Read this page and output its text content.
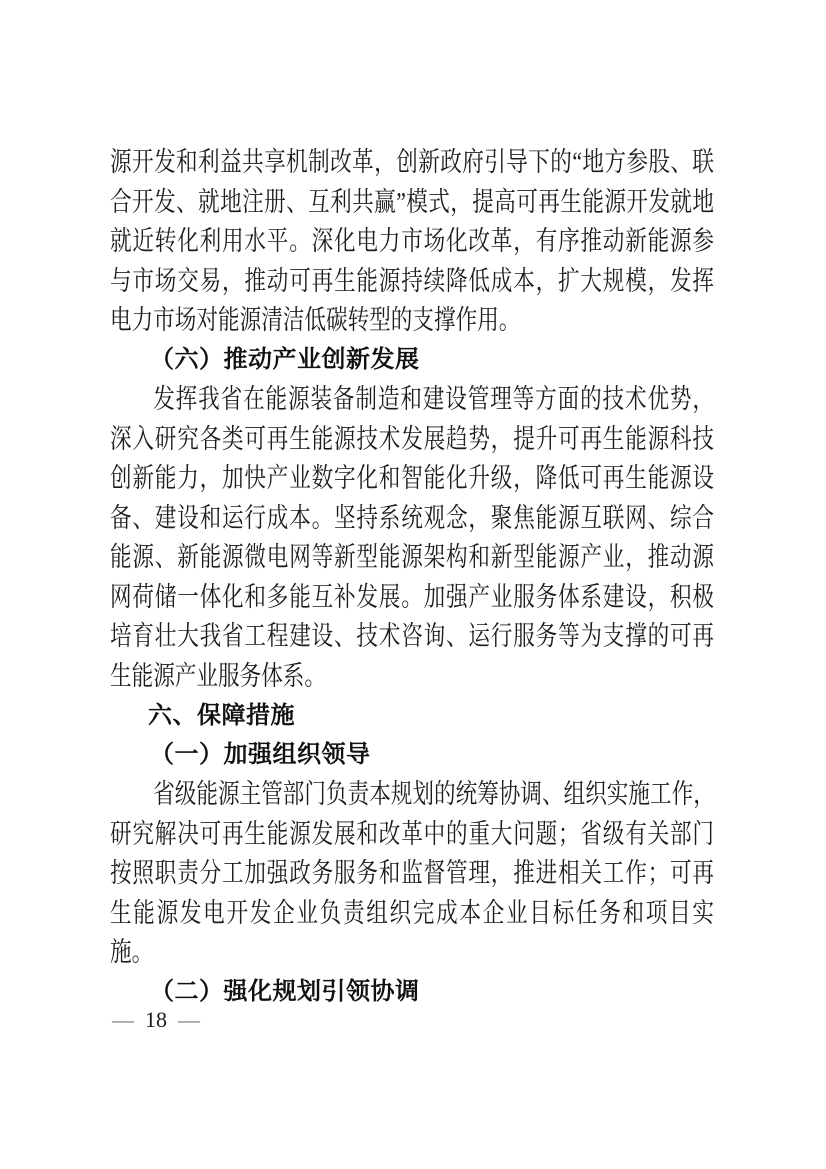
源开发和利益共享机制改革，创新政府引导下的“地方参股、联
合开发、就地注册、互利共赢”模式，提高可再生能源开发就地
就近转化利用水平。深化电力市场化改革，有序推动新能源参
与市场交易，推动可再生能源持续降低成本，扩大规模，发挥
电力市场对能源清洁低碳转型的支撑作用。
（六）推动产业创新发展
发挥我省在能源装备制造和建设管理等方面的技术优势，
深入研究各类可再生能源技术发展趋势，提升可再生能源科技
创新能力，加快产业数字化和智能化升级，降低可再生能源设
备、建设和运行成本。坚持系统观念，聚焦能源互联网、综合
能源、新能源微电网等新型能源架构和新型能源产业，推动源
网荷储一体化和多能互补发展。加强产业服务体系建设，积极
培育壮大我省工程建设、技术咨询、运行服务等为支撑的可再
生能源产业服务体系。
六、保障措施
（一）加强组织领导
省级能源主管部门负责本规划的统筹协调、组织实施工作，
研究解决可再生能源发展和改革中的重大问题；省级有关部门
按照职责分工加强政务服务和监督管理，推进相关工作；可再
生能源发电开发企业负责组织完成本企业目标任务和项目实
施。
（二）强化规划引领协调
— 18 —
